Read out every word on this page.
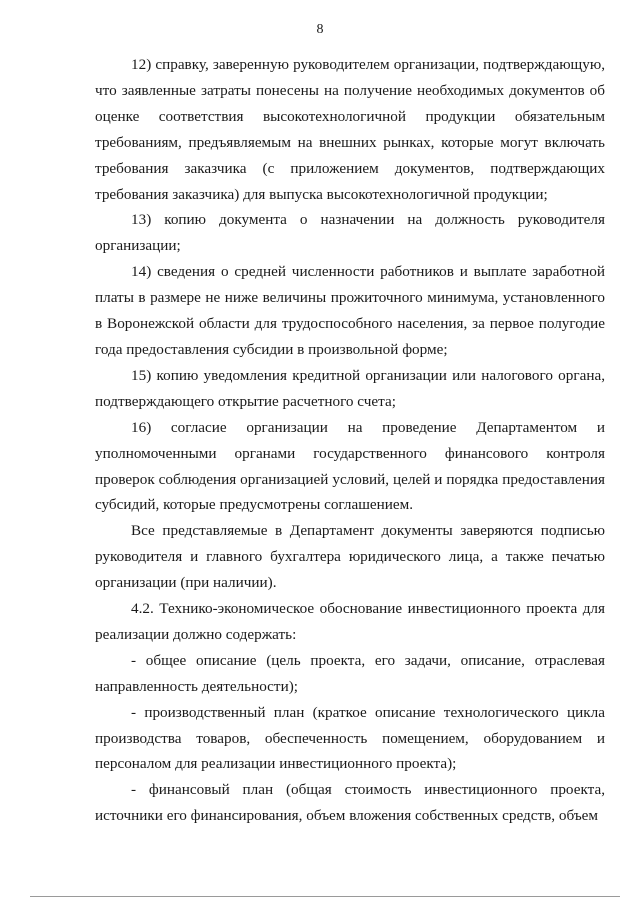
8

12) справку, заверенную руководителем организации, подтверждающую, что заявленные затраты понесены на получение необходимых документов об оценке соответствия высокотехнологичной продукции обязательным требованиям, предъявляемым на внешних рынках, которые могут включать требования заказчика (с приложением документов, подтверждающих требования заказчика) для выпуска высокотехнологичной продукции;

13) копию документа о назначении на должность руководителя организации;

14) сведения о средней численности работников и выплате заработной платы в размере не ниже величины прожиточного минимума, установленного в Воронежской области для трудоспособного населения, за первое полугодие года предоставления субсидии в произвольной форме;

15) копию уведомления кредитной организации или налогового органа, подтверждающего открытие расчетного счета;

16) согласие организации на проведение Департаментом и уполномоченными органами государственного финансового контроля проверок соблюдения организацией условий, целей и порядка предоставления субсидий, которые предусмотрены соглашением.

Все представляемые в Департамент документы заверяются подписью руководителя и главного бухгалтера юридического лица, а также печатью организации (при наличии).

4.2. Технико-экономическое обоснование инвестиционного проекта для реализации должно содержать:

- общее описание (цель проекта, его задачи, описание, отраслевая направленность деятельности);

- производственный план (краткое описание технологического цикла производства товаров, обеспеченность помещением, оборудованием и персоналом для реализации инвестиционного проекта);

- финансовый план (общая стоимость инвестиционного проекта, источники его финансирования, объем вложения собственных средств, объем
